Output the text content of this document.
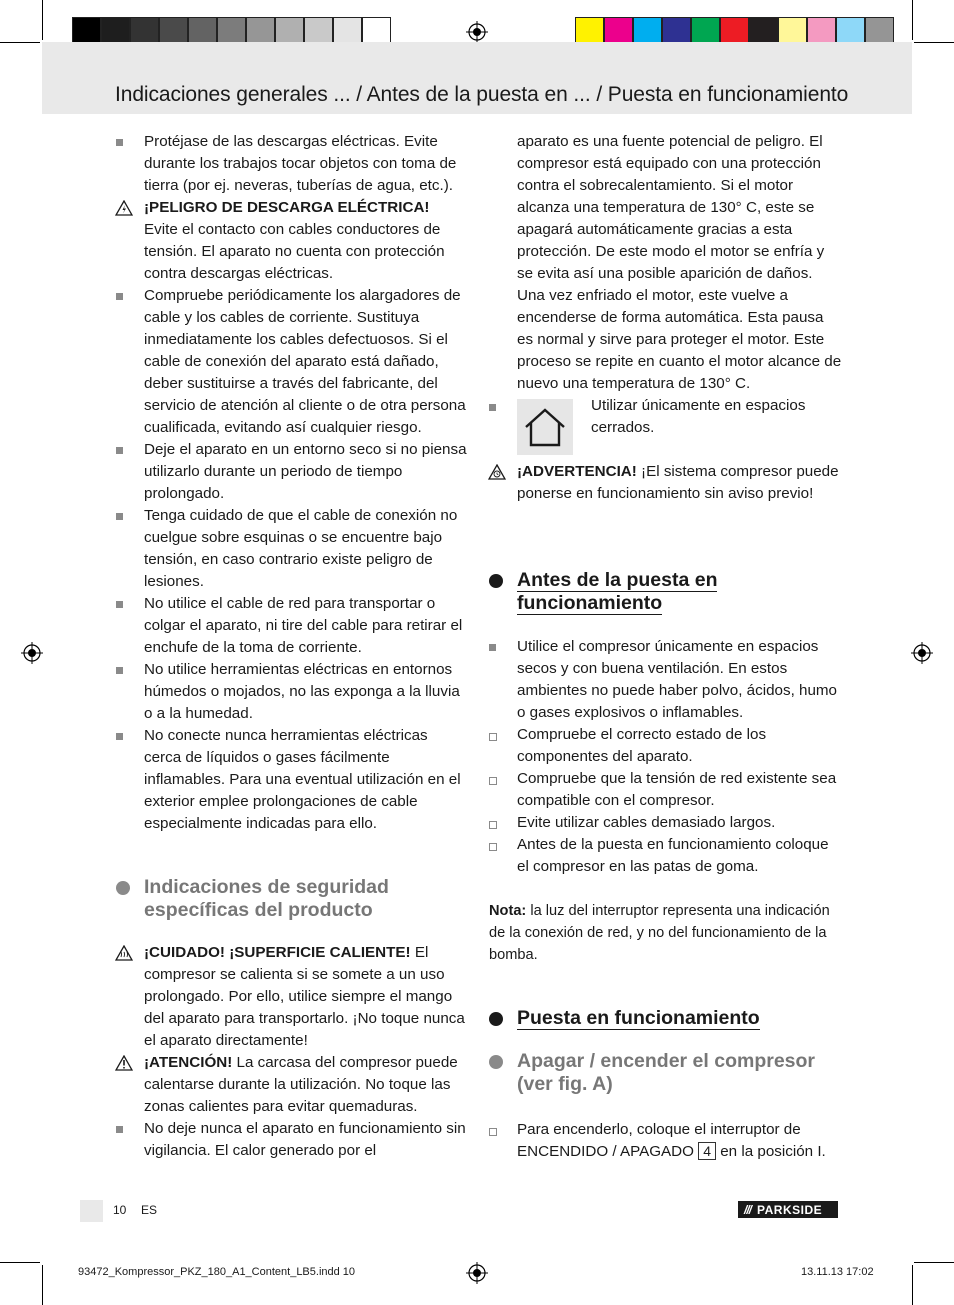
Indicaciones generales ... / Antes de la puesta en ... / Puesta en funcionamiento
Protéjase de las descargas eléctricas. Evite durante los trabajos tocar objetos con toma de tierra (por ej. neveras, tuberías de agua, etc.).
¡PELIGRO DE DESCARGA ELÉCTRICA!
Evite el contacto con cables conductores de tensión. El aparato no cuenta con protección contra descargas eléctricas.
Compruebe periódicamente los alargadores de cable y los cables de corriente. Sustituya inmediatamente los cables defectuosos. Si el cable de conexión del aparato está dañado, deber sustituirse a través del fabricante, del servicio de atención al cliente o de otra persona cualificada, evitando así cualquier riesgo.
Deje el aparato en un entorno seco si no piensa utilizarlo durante un periodo de tiempo prolongado.
Tenga cuidado de que el cable de conexión no cuelgue sobre esquinas o se encuentre bajo tensión, en caso contrario existe peligro de lesiones.
No utilice el cable de red para transportar o colgar el aparato, ni tire del cable para retirar el enchufe de la toma de corriente.
No utilice herramientas eléctricas en entornos húmedos o mojados, no las exponga a la lluvia o a la humedad.
No conecte nunca herramientas eléctricas cerca de líquidos o gases fácilmente inflamables. Para una eventual utilización en el exterior emplee prolongaciones de cable especialmente indicadas para ello.
Indicaciones de seguridad específicas del producto
¡CUIDADO! ¡SUPERFICIE CALIENTE! El compresor se calienta si se somete a un uso prolongado. Por ello, utilice siempre el mango del aparato para transportarlo. ¡No toque nunca el aparato directamente!
¡ATENCIÓN! La carcasa del compresor puede calentarse durante la utilización. No toque las zonas calientes para evitar quemaduras.
No deje nunca el aparato en funcionamiento sin vigilancia. El calor generado por el
aparato es una fuente potencial de peligro. El compresor está equipado con una protección contra el sobrecalentamiento. Si el motor alcanza una temperatura de 130° C, este se apagará automáticamente gracias a esta protección. De este modo el motor se enfría y se evita así una posible aparición de daños. Una vez enfriado el motor, este vuelve a encenderse de forma automática. Esta pausa es normal y sirve para proteger el motor. Este proceso se repite en cuanto el motor alcance de nuevo una temperatura de 130° C.
Utilizar únicamente en espacios cerrados.
¡ADVERTENCIA! ¡El sistema compresor puede ponerse en funcionamiento sin aviso previo!
Antes de la puesta en funcionamiento
Utilice el compresor únicamente en espacios secos y con buena ventilación. En estos ambientes no puede haber polvo, ácidos, humo o gases explosivos o inflamables.
Compruebe el correcto estado de los componentes del aparato.
Compruebe que la tensión de red existente sea compatible con el compresor.
Evite utilizar cables demasiado largos.
Antes de la puesta en funcionamiento coloque el compresor en las patas de goma.
Nota: la luz del interruptor representa una indicación de la conexión de red, y no del funcionamiento de la bomba.
Puesta en funcionamiento
Apagar / encender el compresor (ver fig. A)
Para encenderlo, coloque el interruptor de ENCENDIDO / APAGADO 4 en la posición I.
10 ES	/// PARKSIDE
93472_Kompressor_PKZ_180_A1_Content_LB5.indd 10	13.11.13 17:02
